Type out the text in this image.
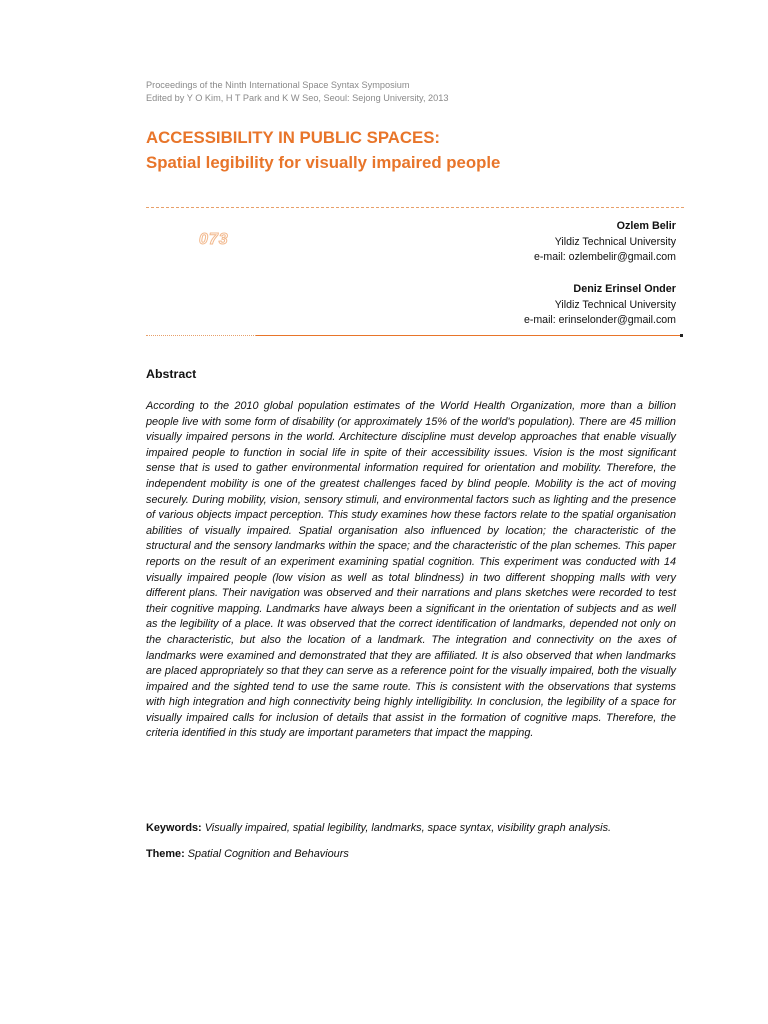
Proceedings of the Ninth International Space Syntax Symposium
Edited by Y O Kim, H T Park and K W Seo, Seoul: Sejong University, 2013
ACCESSIBILITY IN PUBLIC SPACES:
Spatial legibility for visually impaired people
073
Ozlem Belir
Yildiz Technical University
e-mail: ozlembelir@gmail.com
Deniz Erinsel Onder
Yildiz Technical University
e-mail: erinselonder@gmail.com
Abstract
According to the 2010 global population estimates of the World Health Organization, more than a billion people live with some form of disability (or approximately 15% of the world's population). There are 45 million visually impaired persons in the world. Architecture discipline must develop approaches that enable visually impaired people to function in social life in spite of their accessibility issues. Vision is the most significant sense that is used to gather environmental information required for orientation and mobility. Therefore, the independent mobility is one of the greatest challenges faced by blind people. Mobility is the act of moving securely. During mobility, vision, sensory stimuli, and environmental factors such as lighting and the presence of various objects impact perception. This study examines how these factors relate to the spatial organisation abilities of visually impaired. Spatial organisation also influenced by location; the characteristic of the structural and the sensory landmarks within the space; and the characteristic of the plan schemes. This paper reports on the result of an experiment examining spatial cognition. This experiment was conducted with 14 visually impaired people (low vision as well as total blindness) in two different shopping malls with very different plans. Their navigation was observed and their narrations and plans sketches were recorded to test their cognitive mapping. Landmarks have always been a significant in the orientation of subjects and as well as the legibility of a place. It was observed that the correct identification of landmarks, depended not only on the characteristic, but also the location of a landmark. The integration and connectivity on the axes of landmarks were examined and demonstrated that they are affiliated. It is also observed that when landmarks are placed appropriately so that they can serve as a reference point for the visually impaired, both the visually impaired and the sighted tend to use the same route. This is consistent with the observations that systems with high integration and high connectivity being highly intelligibility. In conclusion, the legibility of a space for visually impaired calls for inclusion of details that assist in the formation of cognitive maps. Therefore, the criteria identified in this study are important parameters that impact the mapping.
Keywords: Visually impaired, spatial legibility, landmarks, space syntax, visibility graph analysis.
Theme: Spatial Cognition and Behaviours
